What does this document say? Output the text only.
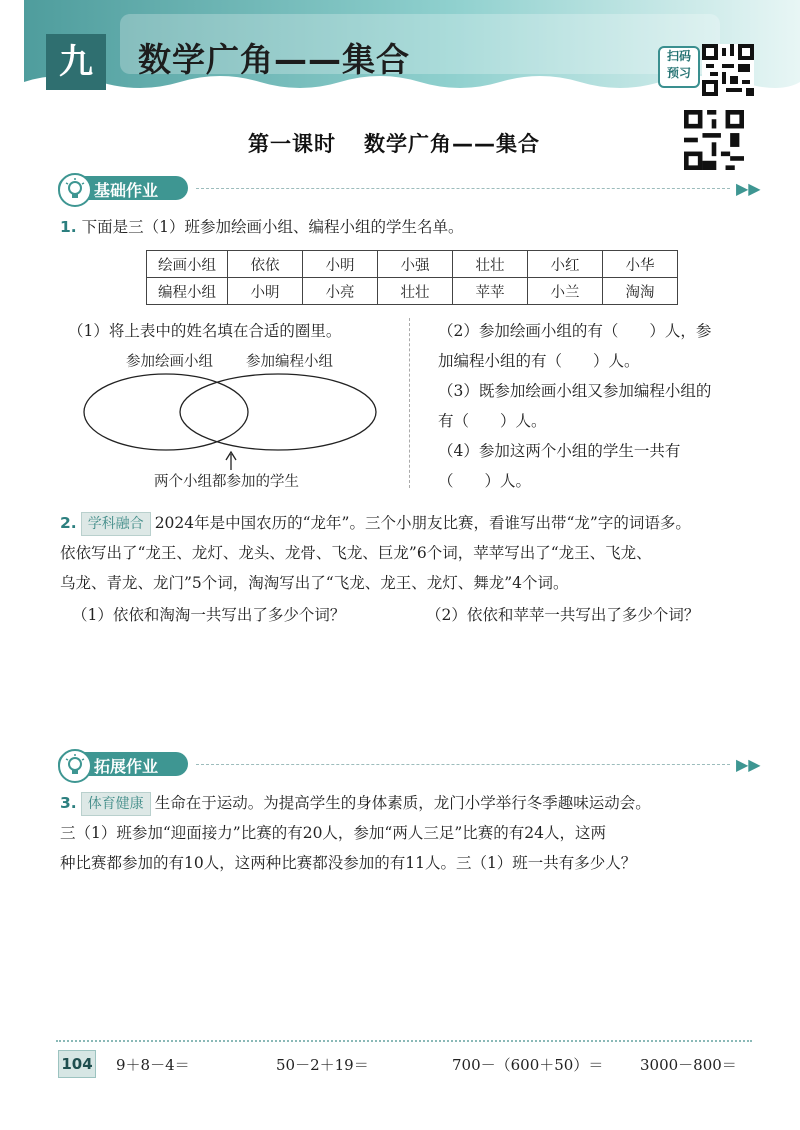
九	数学广角——集合	扫码
预习
第一课时 数学广角——集合
基础作业	▶▶
1. 下面是三（1）班参加绘画小组、编程小组的学生名单。
绘画小组	依依	小明	小强	壮壮	小红	小华
编程小组	小明	小亮	壮壮	苹苹	小兰	淘淘
（1）将上表中的姓名填在合适的圈里。
参加绘画小组 参加编程小组
两个小组都参加的学生
（2）参加绘画小组的有（　　）人，参
加编程小组的有（　　）人。
（3）既参加绘画小组又参加编程小组的
有（　　）人。
（4）参加这两个小组的学生一共有
（　　）人。
2. 学科融合 2024年是中国农历的“龙年”。三个小朋友比赛，看谁写出带“龙”字的词语多。
依依写出了“龙王、龙灯、龙头、龙骨、飞龙、巨龙”6个词，苹苹写出了“龙王、飞龙、
乌龙、青龙、龙门”5个词，淘淘写出了“飞龙、龙王、龙灯、舞龙”4个词。
（1）依依和淘淘一共写出了多少个词？	（2）依依和苹苹一共写出了多少个词？
拓展作业	▶▶
3. 体育健康 生命在于运动。为提高学生的身体素质，龙门小学举行冬季趣味运动会。
三（1）班参加“迎面接力”比赛的有20人，参加“两人三足”比赛的有24人，这两
种比赛都参加的有10人，这两种比赛都没参加的有11人。三（1）班一共有多少人？
104 9＋8－4＝	50－2＋19＝	700－（600＋50）＝ 3000－800＝
